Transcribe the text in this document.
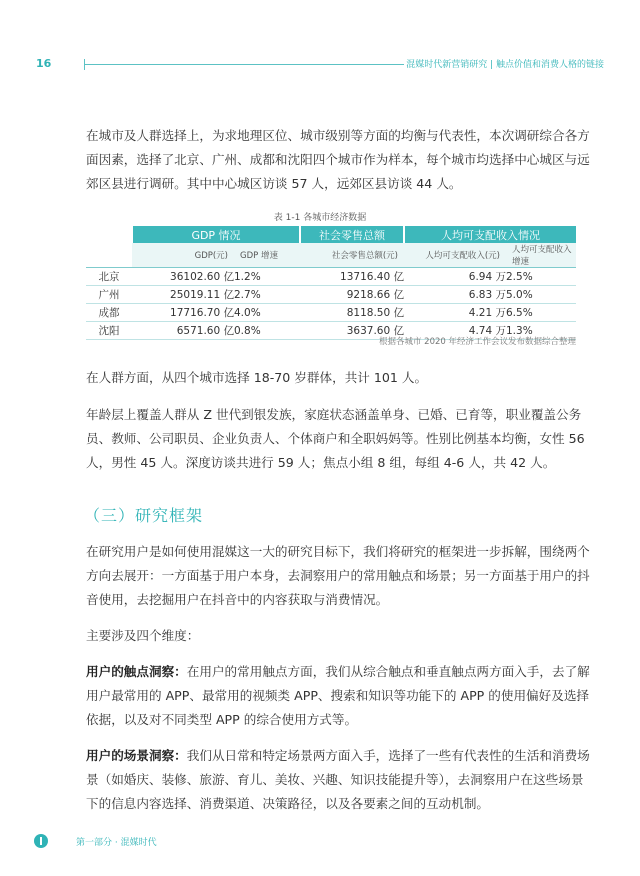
16	混媒时代新营销研究 | 触点价值和消费人格的链接

在城市及人群选择上，为求地理区位、城市级别等方面的均衡与代表性，本次调研综合各方面因素，选择了北京、广州、成都和沈阳四个城市作为样本，每个城市均选择中心城区与远郊区县进行调研。其中中心城区访谈 57 人，远郊区县访谈 44 人。

表 1-1 各城市经济数据
	GDP 情况		社会零售总额	人均可支配收入情况	
	GDP(元)	GDP 增速	社会零售总额(元)	人均可支配收入(元)	人均可支配收入增速
北京	36102.60 亿	1.2%	13716.40 亿	6.94 万	2.5%
广州	25019.11 亿	2.7%	9218.66 亿	6.83 万	5.0%
成都	17716.70 亿	4.0%	8118.50 亿	4.21 万	6.5%
沈阳	6571.60 亿	0.8%	3637.60 亿	4.74 万	1.3%
根据各城市 2020 年经济工作会议发布数据综合整理

在人群方面，从四个城市选择 18-70 岁群体，共计 101 人。

年龄层上覆盖人群从 Z 世代到银发族，家庭状态涵盖单身、已婚、已育等，职业覆盖公务员、教师、公司职员、企业负责人、个体商户和全职妈妈等。性别比例基本均衡，女性 56 人，男性 45 人。深度访谈共进行 59 人；焦点小组 8 组，每组 4-6 人，共 42 人。

（三）研究框架

在研究用户是如何使用混媒这一大的研究目标下，我们将研究的框架进一步拆解，围绕两个方向去展开：一方面基于用户本身，去洞察用户的常用触点和场景；另一方面基于用户的抖音使用，去挖掘用户在抖音中的内容获取与消费情况。

主要涉及四个维度：

用户的触点洞察：在用户的常用触点方面，我们从综合触点和垂直触点两方面入手，去了解用户最常用的 APP、最常用的视频类 APP、搜索和知识等功能下的 APP 的使用偏好及选择依据，以及对不同类型 APP 的综合使用方式等。

用户的场景洞察：我们从日常和特定场景两方面入手，选择了一些有代表性的生活和消费场景（如婚庆、装修、旅游、育儿、美妆、兴趣、知识技能提升等），去洞察用户在这些场景下的信息内容选择、消费渠道、决策路径，以及各要素之间的互动机制。

第一部分 · 混媒时代
